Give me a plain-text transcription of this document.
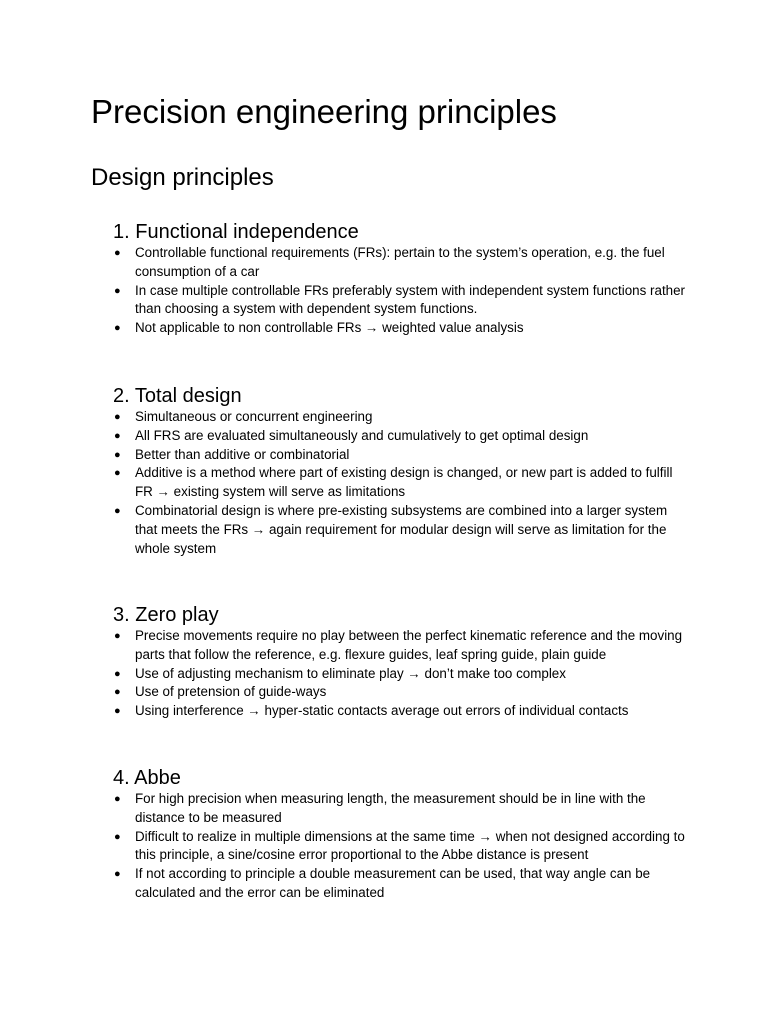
Precision engineering principles
Design principles
1. Functional independence
● Controllable functional requirements (FRs): pertain to the system’s operation, e.g. the fuel consumption of a car
● In case multiple controllable FRs preferably system with independent system functions rather than choosing a system with dependent system functions.
● Not applicable to non controllable FRs → weighted value analysis
2. Total design
● Simultaneous or concurrent engineering
● All FRS are evaluated simultaneously and cumulatively to get optimal design
● Better than additive or combinatorial
● Additive is a method where part of existing design is changed, or new part is added to fulfill FR → existing system will serve as limitations
● Combinatorial design is where pre-existing subsystems are combined into a larger system that meets the FRs → again requirement for modular design will serve as limitation for the whole system
3. Zero play
● Precise movements require no play between the perfect kinematic reference and the moving parts that follow the reference, e.g. flexure guides, leaf spring guide, plain guide
● Use of adjusting mechanism to eliminate play → don’t make too complex
● Use of pretension of guide-ways
● Using interference → hyper-static contacts average out errors of individual contacts
4. Abbe
● For high precision when measuring length, the measurement should be in line with the distance to be measured
● Difficult to realize in multiple dimensions at the same time → when not designed according to this principle, a sine/cosine error proportional to the Abbe distance is present
● If not according to principle a double measurement can be used, that way angle can be calculated and the error can be eliminated
